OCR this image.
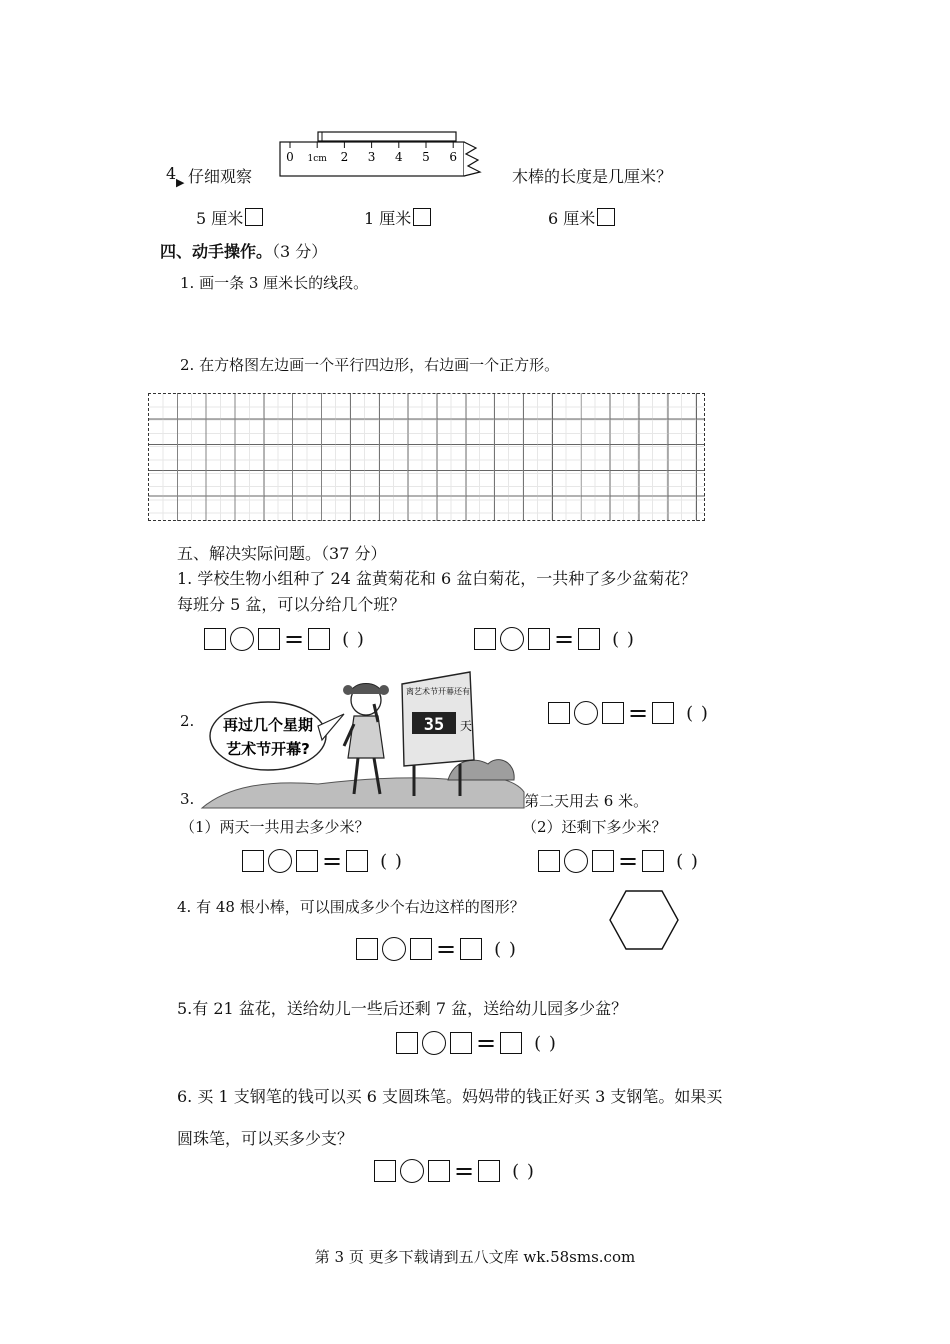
4 ▶ 仔细观察
0 1cm 2 3 4 5 6
木棒的长度是几厘米？
5 厘米	1 厘米	6 厘米
四、动手操作。（3 分）
1. 画一条 3 厘米长的线段。
2. 在方格图左边画一个平行四边形，右边画一个正方形。
五、解决实际问题。（37 分）
1. 学校生物小组种了 24 盆黄菊花和 6 盆白菊花，一共种了多少盆菊花？
每班分 5 盆，可以分给几个班？
= ( )	= ( )
2. 再过几个星期
艺术节开幕?
离艺术节开幕还有
35 天	= ( )
3.	第二天用去 6 米。
（1）两天一共用去多少米？	（2）还剩下多少米？
= ( )	= ( )
4. 有 48 根小棒，可以围成多少个右边这样的图形？
= ( )
5.有 21 盆花，送给幼儿一些后还剩 7 盆，送给幼儿园多少盆？
= ( )
6. 买 1 支钢笔的钱可以买 6 支圆珠笔。妈妈带的钱正好买 3 支钢笔。如果买
圆珠笔，可以买多少支？
= ( )
第 3 页 更多下载请到五八文库 wk.58sms.com
